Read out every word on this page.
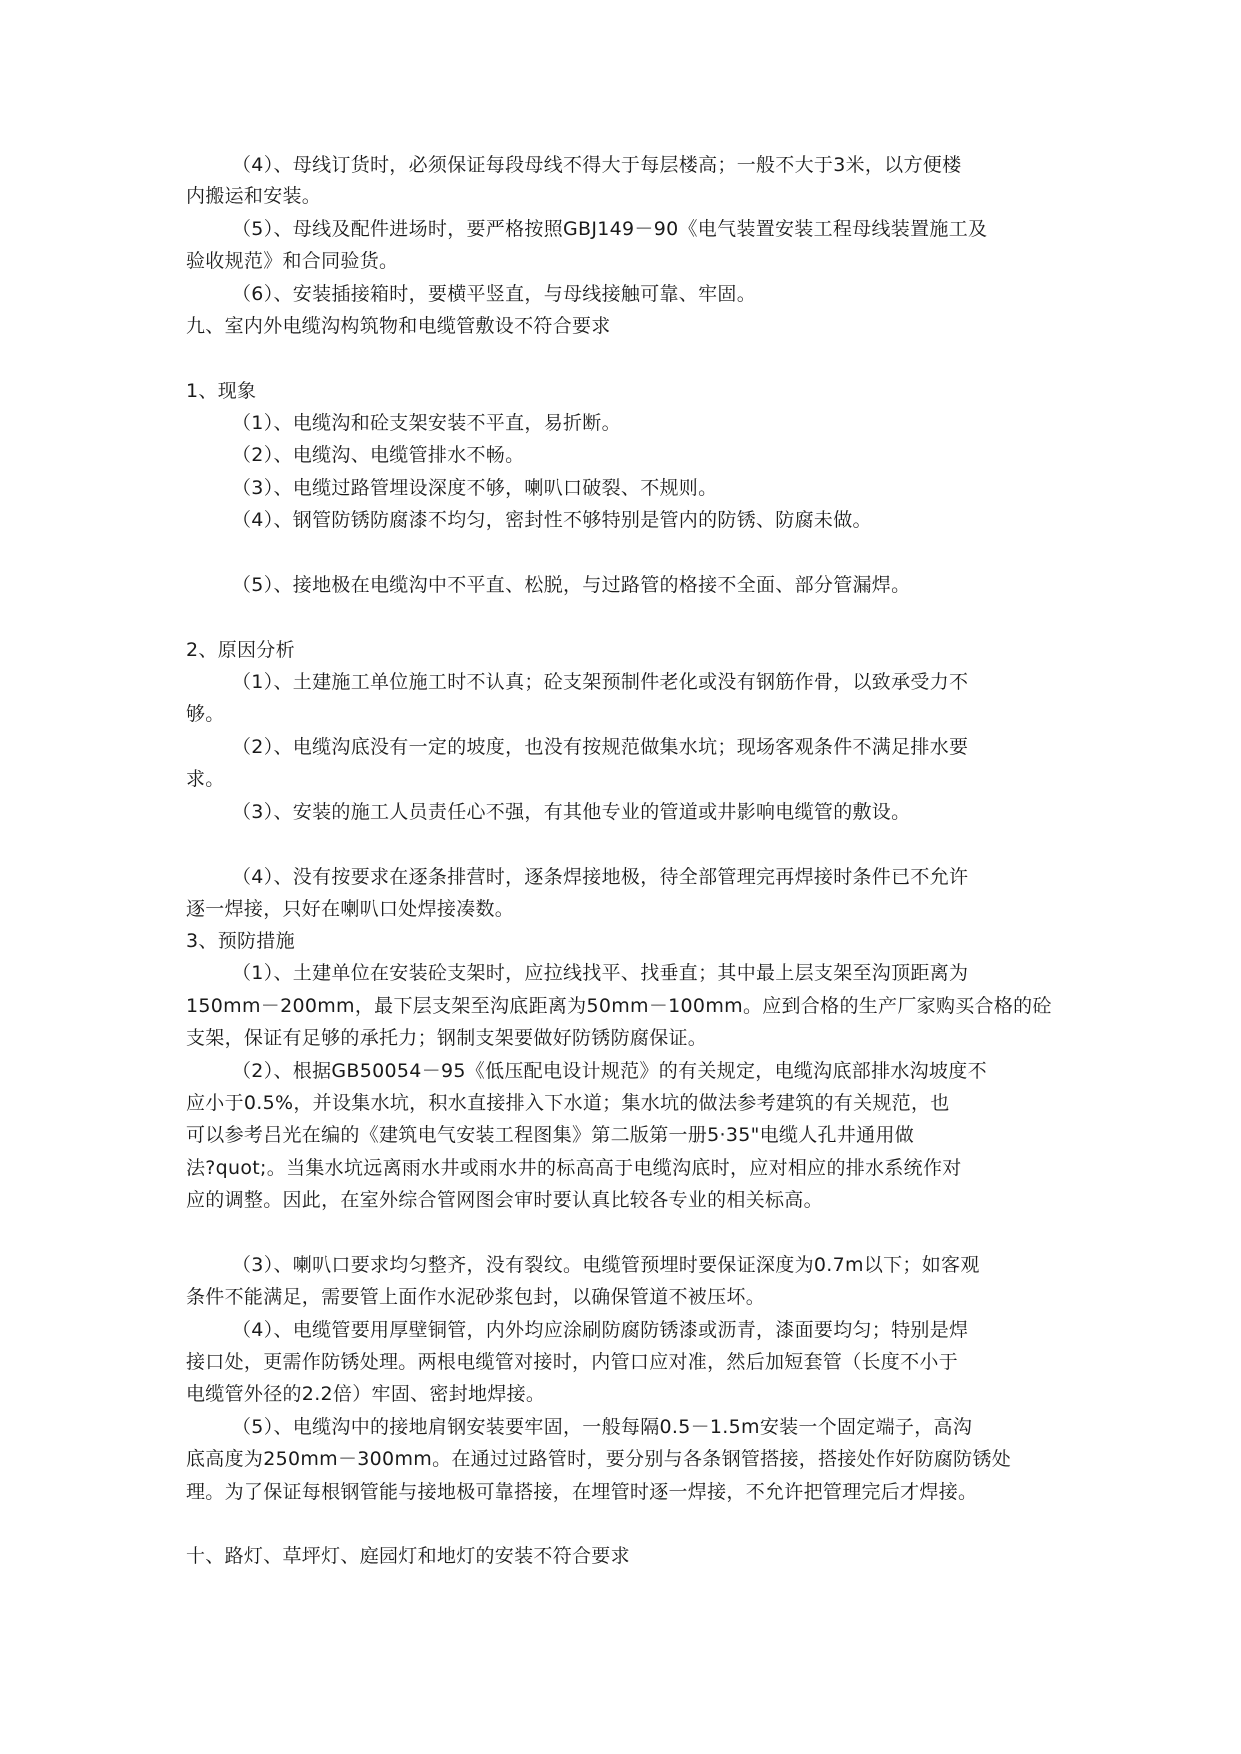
（4）、母线订货时，必须保证每段母线不得大于每层楼高；一般不大于3米，以方便楼
内搬运和安装。
（5）、母线及配件进场时，要严格按照GBJ149－90《电气装置安装工程母线装置施工及
验收规范》和合同验货。
（6）、安装插接箱时，要横平竖直，与母线接触可靠、牢固。
九、室内外电缆沟构筑物和电缆管敷设不符合要求
1、现象
（1）、电缆沟和砼支架安装不平直，易折断。
（2）、电缆沟、电缆管排水不畅。
（3）、电缆过路管埋设深度不够，喇叭口破裂、不规则。
（4）、钢管防锈防腐漆不均匀，密封性不够特别是管内的防锈、防腐未做。
（5）、接地极在电缆沟中不平直、松脱，与过路管的格接不全面、部分管漏焊。
2、原因分析
（1）、土建施工单位施工时不认真；砼支架预制件老化或没有钢筋作骨，以致承受力不
够。
（2）、电缆沟底没有一定的坡度，也没有按规范做集水坑；现场客观条件不满足排水要
求。
（3）、安装的施工人员责任心不强，有其他专业的管道或井影响电缆管的敷设。
（4）、没有按要求在逐条排营时，逐条焊接地极，待全部管理完再焊接时条件已不允许
逐一焊接，只好在喇叭口处焊接凑数。
3、预防措施
（1）、土建单位在安装砼支架时，应拉线找平、找垂直；其中最上层支架至沟顶距离为
150mm－200mm，最下层支架至沟底距离为50mm－100mm。应到合格的生产厂家购买合格的砼
支架，保证有足够的承托力；钢制支架要做好防锈防腐保证。
（2）、根据GB50054－95《低压配电设计规范》的有关规定，电缆沟底部排水沟坡度不
应小于0.5%，并设集水坑，积水直接排入下水道；集水坑的做法参考建筑的有关规范，也
可以参考吕光在编的《建筑电气安装工程图集》第二版第一册5·35"电缆人孔井通用做
法?quot;。当集水坑远离雨水井或雨水井的标高高于电缆沟底时，应对相应的排水系统作对
应的调整。因此，在室外综合管网图会审时要认真比较各专业的相关标高。
（3）、喇叭口要求均匀整齐，没有裂纹。电缆管预埋时要保证深度为0.7m以下；如客观
条件不能满足，需要管上面作水泥砂浆包封，以确保管道不被压坏。
（4）、电缆管要用厚壁铜管，内外均应涂刷防腐防锈漆或沥青，漆面要均匀；特别是焊
接口处，更需作防锈处理。两根电缆管对接时，内管口应对准，然后加短套管（长度不小于
电缆管外径的2.2倍）牢固、密封地焊接。
（5）、电缆沟中的接地肩钢安装要牢固，一般每隔0.5－1.5m安装一个固定端子，高沟
底高度为250mm－300mm。在通过过路管时，要分别与各条钢管搭接，搭接处作好防腐防锈处
理。为了保证每根钢管能与接地极可靠搭接，在埋管时逐一焊接，不允许把管理完后才焊接。
十、路灯、草坪灯、庭园灯和地灯的安装不符合要求
